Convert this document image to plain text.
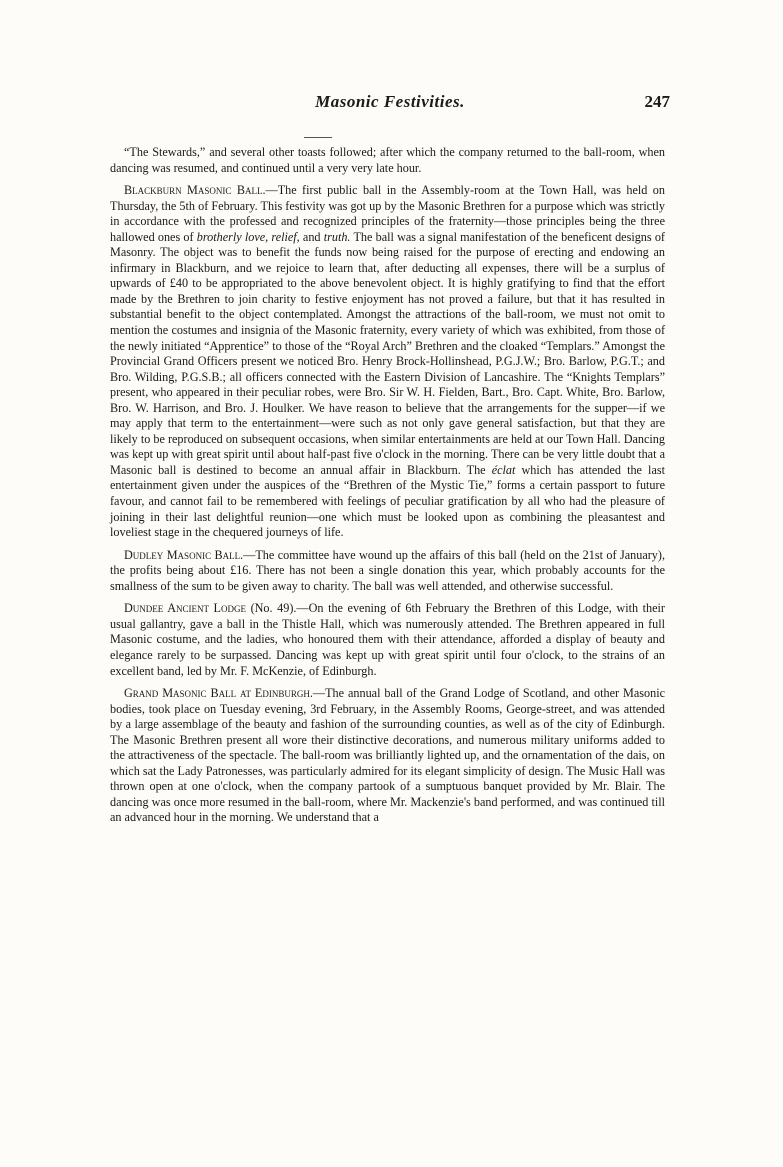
Masonic Festivities.	247

“The Stewards,” and several other toasts followed; after which the company returned to the ball-room, when dancing was resumed, and continued until a very very late hour.

Blackburn Masonic Ball.—The first public ball in the Assembly-room at the Town Hall, was held on Thursday, the 5th of February. This festivity was got up by the Masonic Brethren for a purpose which was strictly in accordance with the professed and recognized principles of the fraternity—those principles being the three hallowed ones of brotherly love, relief, and truth. The ball was a signal manifestation of the beneficent designs of Masonry. The object was to benefit the funds now being raised for the purpose of erecting and endowing an infirmary in Blackburn, and we rejoice to learn that, after deducting all expenses, there will be a surplus of upwards of £40 to be appropriated to the above benevolent object. It is highly gratifying to find that the effort made by the Brethren to join charity to festive enjoyment has not proved a failure, but that it has resulted in substantial benefit to the object contemplated. Amongst the attractions of the ball-room, we must not omit to mention the costumes and insignia of the Masonic fraternity, every variety of which was exhibited, from those of the newly initiated “Apprentice” to those of the “Royal Arch” Brethren and the cloaked “Templars.” Amongst the Provincial Grand Officers present we noticed Bro. Henry Brock-Hollinshead, P.G.J.W.; Bro. Barlow, P.G.T.; and Bro. Wilding, P.G.S.B.; all officers connected with the Eastern Division of Lancashire. The “Knights Templars” present, who appeared in their peculiar robes, were Bro. Sir W. H. Fielden, Bart., Bro. Capt. White, Bro. Barlow, Bro. W. Harrison, and Bro. J. Houlker. We have reason to believe that the arrangements for the supper—if we may apply that term to the entertainment—were such as not only gave general satisfaction, but that they are likely to be reproduced on subsequent occasions, when similar entertainments are held at our Town Hall. Dancing was kept up with great spirit until about half-past five o'clock in the morning. There can be very little doubt that a Masonic ball is destined to become an annual affair in Blackburn. The éclat which has attended the last entertainment given under the auspices of the “Brethren of the Mystic Tie,” forms a certain passport to future favour, and cannot fail to be remembered with feelings of peculiar gratification by all who had the pleasure of joining in their last delightful reunion—one which must be looked upon as combining the pleasantest and loveliest stage in the chequered journeys of life.

Dudley Masonic Ball.—The committee have wound up the affairs of this ball (held on the 21st of January), the profits being about £16. There has not been a single donation this year, which probably accounts for the smallness of the sum to be given away to charity. The ball was well attended, and otherwise successful.

Dundee Ancient Lodge (No. 49).—On the evening of 6th February the Brethren of this Lodge, with their usual gallantry, gave a ball in the Thistle Hall, which was numerously attended. The Brethren appeared in full Masonic costume, and the ladies, who honoured them with their attendance, afforded a display of beauty and elegance rarely to be surpassed. Dancing was kept up with great spirit until four o'clock, to the strains of an excellent band, led by Mr. F. McKenzie, of Edinburgh.

Grand Masonic Ball at Edinburgh.—The annual ball of the Grand Lodge of Scotland, and other Masonic bodies, took place on Tuesday evening, 3rd February, in the Assembly Rooms, George-street, and was attended by a large assemblage of the beauty and fashion of the surrounding counties, as well as of the city of Edinburgh. The Masonic Brethren present all wore their distinctive decorations, and numerous military uniforms added to the attractiveness of the spectacle. The ball-room was brilliantly lighted up, and the ornamentation of the dais, on which sat the Lady Patronesses, was particularly admired for its elegant simplicity of design. The Music Hall was thrown open at one o'clock, when the company partook of a sumptuous banquet provided by Mr. Blair. The dancing was once more resumed in the ball-room, where Mr. Mackenzie's band performed, and was continued till an advanced hour in the morning. We understand that a
